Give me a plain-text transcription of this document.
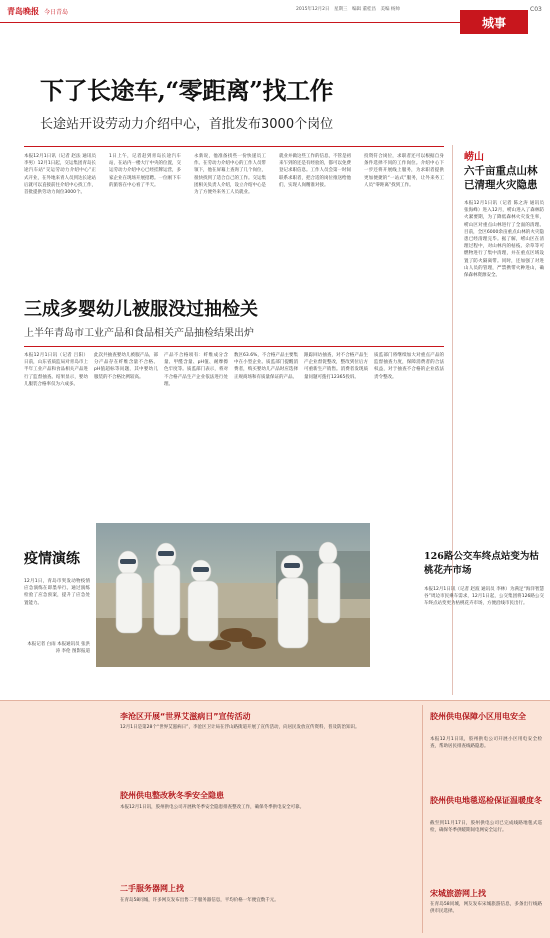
青岛晚报 今日青岛	2015年12月2日　星期三　编辑 董桂昌　美编 杨帅	C03
城事
下了长途车,“零距离”找工作
长途站开设劳动力介绍中心，首批发布3000个岗位
本报12月1日讯（记者 赵法 通讯员 李男）12月1日起，交运集团青岛长途汽车站“交运劳动力介绍中心”正式开业，在外地来青人员到达长途站后就可以直接前往介绍中心找工作，首批提供劳动力岗位3000个。
1日上午，记者赶到青岛长途汽车站，在站内一楼大厅中央的位置，交运劳动力介绍中心已经挂牌运营，多家企业在现场开展招聘。一位刚下车的旅客在中心看了半天。
永新说，他准备找些一份快递员工作。在劳动力介绍中心的工作人员带领下，他在屏幕上查询了几个岗位，很快找到了适合自己的工作。交运集团相关负责人介绍，设立介绍中心是为了方便外来务工人员就业。
就业并做这些工作的信息，不管是初来乍到的还是有经验的，都可以免费登记求职信息。工作人员会第一时间联系求职者，把合适的岗位推送给他们，实现人岗精准对接。
投资符合岗位，求职者还可以根据自身条件选择不同的工作岗位。介绍中心下一步还将开展线上服务，为求职者提供更加便捷的“一站式”服务，让外来务工人员“零距离”找到工作。
三成多婴幼儿被服没过抽检关
上半年青岛市工业产品和食品相关产品抽检结果出炉
本报12月1日讯（记者 吕阳）日前，山东省质监局对青岛市上半年工业产品和食品相关产品进行了监督抽查。结果显示，婴幼儿服装合格率仅为六成多。
此次共抽查婴幼儿被服产品，部分产品存在纤维含量不合格、pH值超标等问题，其中婴幼儿服装的不合格比例较高。
产品不合格项有：纤维成分含量、甲醛含量、pH值、耐摩擦色牢度等。质监部门表示，将对不合格产品生产企业依法进行处理。
数区63.6%，不合格产品主要集中在小型企业。质监部门提醒消费者，购买婴幼儿产品时应选择正规商场和有质量保证的产品。
跟踪回访抽查，对不合格产品生产企业督促整改，整改到位后方可重新生产销售。消费者发现质量问题可拨打12365投诉。
质监部门将继续加大对重点产品的监督抽查力度，保障消费者的合法权益，对于抽查不合格的企业依法责令整改。
疫情演练
12月1日，青岛市突发动物疫情应急演练在即墨举行。通过演练检验了应急预案，提升了应急处置能力。
本报记者 白雨 本报通讯员 张洪涛 李伦 图影报道
崂山
六千亩重点山林已清理火灾隐患
本报12月1日讯（记者 陈之涛 通讯员 张海峰）进入12月，崂山进入了森林防火紧要期，为了降低森林火灾发生率，崂山区对重点山林进行了全面的清理。目前，全区6000余亩重点山林的火灾隐患已经清理完毕。据了解，崂山区在清理过程中，对山林内的枯枝、杂草等可燃物进行了集中清理，并在重点区域设置了防火隔离带。同时，还加强了对进山人员的管理，严禁携带火种进山，确保森林资源安全。
126路公交车终点站变为枯桃花卉市场
本报12月1日讯（记者 赵波 通讯员 李林）为满足“海洋智慧谷”周边市民乘车需求，12月1日起，公交集团将126路公交车终点站变更为枯桃花卉市场，方便沿线市民出行。
李沧区开展“世界艾滋病日”宣传活动
12月1日是第28个“世界艾滋病日”，李沧区卫计局在浮山路街道开展了宣传活动，向居民发放宣传资料，普及防治知识。
胶州供电整改秋冬季安全隐患
本报12月1日讯，胶州供电公司开展秋冬季安全隐患排查整改工作，确保冬季供电安全可靠。
二手服务器网上找
在青岛58同城，许多网友发布出售二手服务器信息，平均价格一年便宜数千元。
胶州供电保障小区用电安全
本报12月1日讯，胶州供电公司开展小区用电安全检查，帮助居民排查线路隐患。
胶州供电地毯巡检保证温暖度冬
截至到11月17日，胶州供电公司已完成线路地毯式巡检，确保冬季供暖期间电网安全运行。
宋城旅游网上找
在青岛58同城，网友发布宋城旅游信息，多条出行线路供市民选择。
